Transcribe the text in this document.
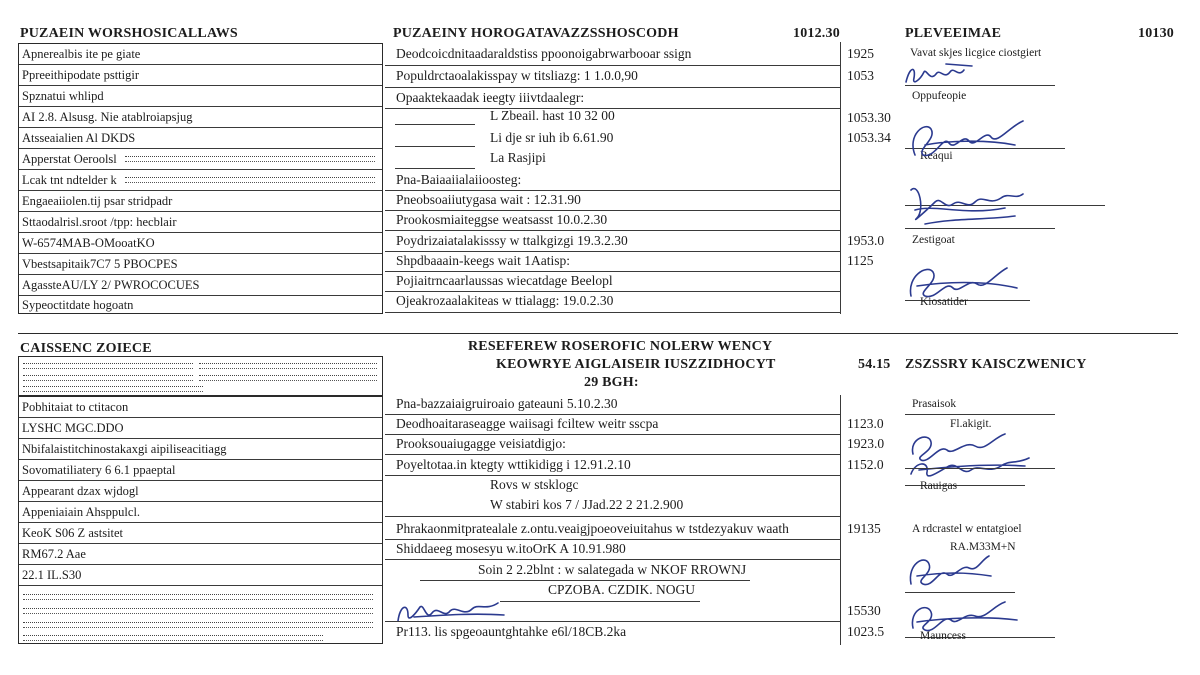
PUZAEIN WORSHOSICALLAWS
Apnerealbis ite pe giate
Ppreeithipodate psttigir
Spznatui whlipd
AI 2.8. Alsusg. Nie atablroiapsjug
Atsseaialien Al DKDS
Apperstat Oeroolsl
Lcak tnt ndtelder k
Engaeaiiolen.tij psar stridpadr
Sttaodalrisl.sroot /tpp: hecblair
W-6574MAB-OMooatKO
Vbestsapitaik7C7 5 PBOCPES
AgassteAU/LY 2/ PWROCOCUES
Sypeoctitdate hogoatn
PUZAEINY HOROGATAVAZZSSHOSCODH	1012.30
Deodcoicdnitaadaraldstiss ppoonoigabrwarbooar ssign	1925
Populdrctaoalakisspay w titsliazg: 1 1.0.0,90	1053
Opaaktekaadak ieegty iiivtdaalegr:
L Zbeail. hast 10 32 00	1053.30
Li dje sr iuh ib 6.61.90	1053.34
La Rasjipi
Pna-Baiaaiialaiioosteg:
Pneobsoaiiutygasa wait : 12.31.90
Prookosmiaiteggse weatsasst 10.0.2.30
Poydrizaiatalakisssy w ttalkgizgi 19.3.2.30	1953.0
Shpdbaaain-keegs wait 1Aatisp:	1125
Pojiaitrncaarlaussas wiecatdage Beelopl
Ojeakrozaalakiteas w ttialagg: 19.0.2.30
PLEVEEIMAE	10130
Vavat skjes licgice ciostgiert
Oppufeopie
Reaqui
Zestigoat
Kiosatider
CAISSENC ZOIECE
Pobhitaiat to ctitacon
LYSHC MGC.DDO
Nbifalaistitchinostakaxgi aipiliseacitiagg
Sovomatiliatery 6 6.1 ppaeptal
Appearant dzax wjdogl
Appeniaiain Ahsppulcl.
KeoK S06 Z astsitet
RM67.2 Aae
22.1 IL.S30
RESEFEREW ROSEROFIC NOLERW WENCY
KEOWRYE AIGLAISEIR IUSZZIDHOCYT
29 BGH:
54.15
Pna-bazzaiaigruiroaio gateauni 5.10.2.30
Deodhoaitaraseagge waiisagi fciltew weitr sscpa	1123.0
Prooksouaiugagge veisiatdigjo:	1923.0
Poyeltotaa.in ktegty wttikidigg i 12.91.2.10	1152.0
Rovs w stsklogc
W stabiri kos 7 / JJad.22 2 21.2.900
Phrakaonmitpratealale z.ontu.veaigjpoeoveiuitahus w tstdezyakuv waath	19135
Shiddaeeg mosesyu w.itoOrK A 10.91.980
Soin 2 2.2blnt : w salategada w NKOF RROWNJ
CPZOBA. CZDIK. NOGU
15530
Pr113. lis spgeoauntghtahke e6l/18CB.2ka	1023.5
ZSZSSRY KAISCZWENICY
Prasaisok
Fl.akigit.
Rauigas
A rdcrastel w entatgioel
RA.M33M+N
Mauncess
